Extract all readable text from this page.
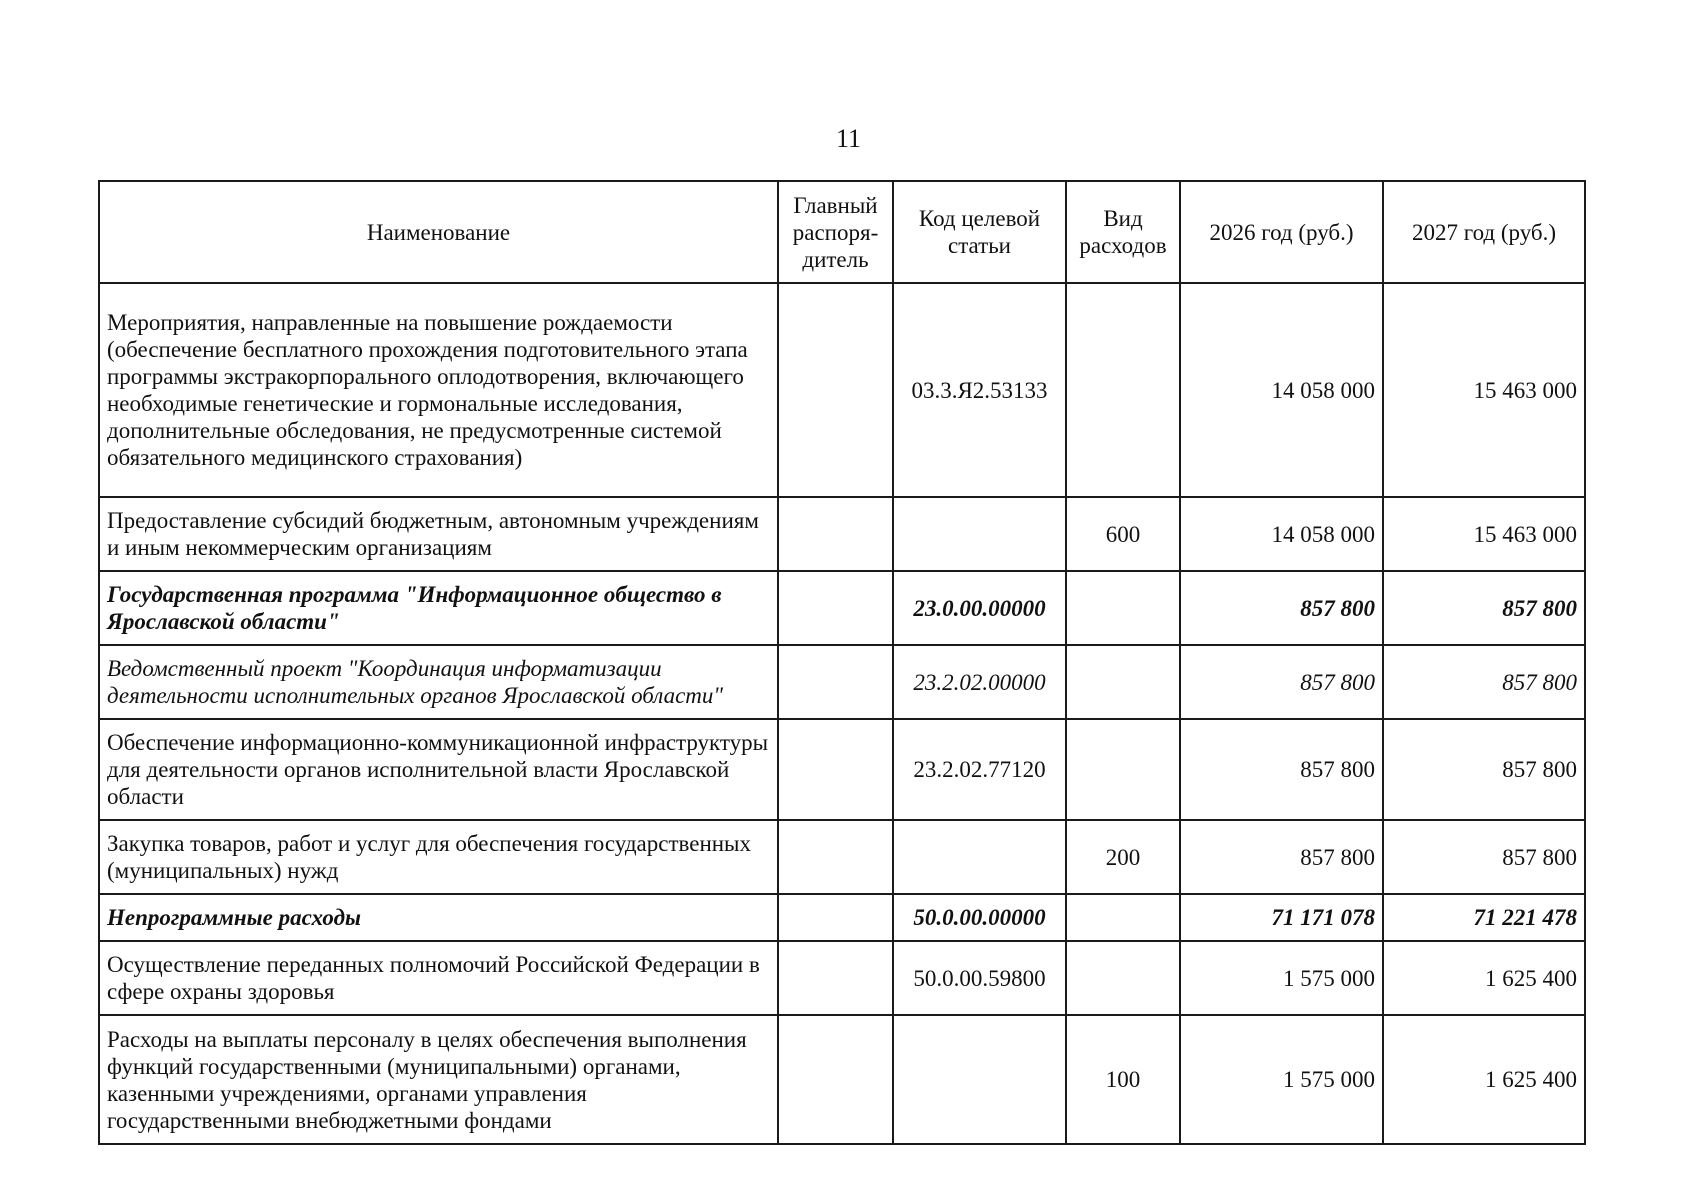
11
Наименование	Главный распоря-дитель	Код целевой статьи	Вид расходов	2026 год (руб.)	2027 год (руб.)
Мероприятия, направленные на повышение рождаемости (обеспечение бесплатного прохождения подготовительного этапа программы экстракорпорального оплодотворения, включающего необходимые генетические и гормональные исследования, дополнительные обследования, не предусмотренные системой обязательного медицинского страхования)		03.3.Я2.53133		14 058 000	15 463 000
Предоставление субсидий бюджетным, автономным учреждениям и иным некоммерческим организациям			600	14 058 000	15 463 000
Государственная программа "Информационное общество в Ярославской области"		23.0.00.00000		857 800	857 800
Ведомственный проект "Координация информатизации деятельности исполнительных органов Ярославской области"		23.2.02.00000		857 800	857 800
Обеспечение информационно-коммуникационной инфраструктуры для деятельности органов исполнительной власти Ярославской области		23.2.02.77120		857 800	857 800
Закупка товаров, работ и услуг для обеспечения государственных (муниципальных) нужд			200	857 800	857 800
Непрограммные расходы		50.0.00.00000		71 171 078	71 221 478
Осуществление переданных полномочий Российской Федерации в сфере охраны здоровья		50.0.00.59800		1 575 000	1 625 400
Расходы на выплаты персоналу в целях обеспечения выполнения функций государственными (муниципальными) органами, казенными учреждениями, органами управления государственными внебюджетными фондами			100	1 575 000	1 625 400
